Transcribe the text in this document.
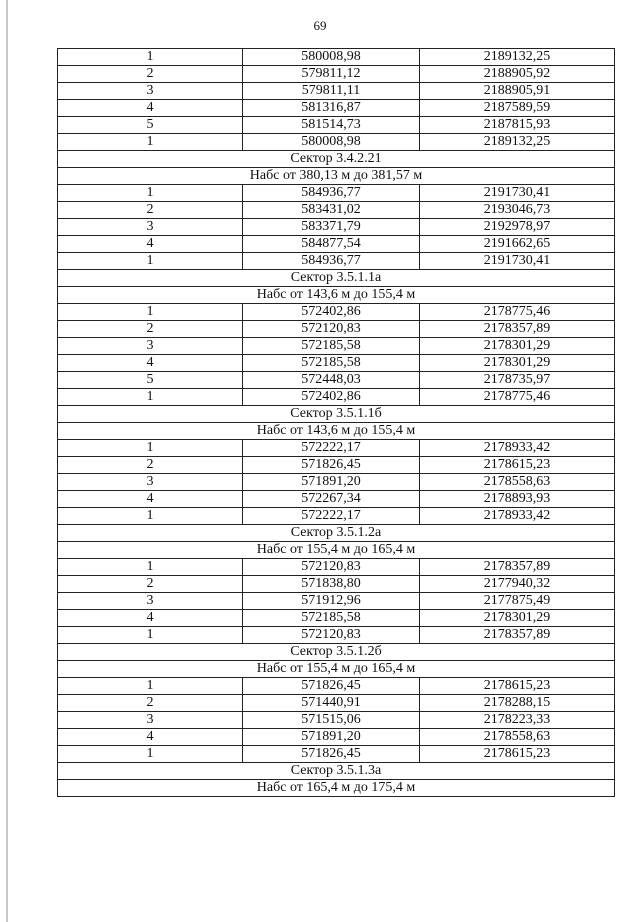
69
1	580008,98	2189132,25
2	579811,12	2188905,92
3	579811,11	2188905,91
4	581316,87	2187589,59
5	581514,73	2187815,93
1	580008,98	2189132,25
Сектор 3.4.2.21		
Набс от 380,13 м до 381,57 м		
1	584936,77	2191730,41
2	583431,02	2193046,73
3	583371,79	2192978,97
4	584877,54	2191662,65
1	584936,77	2191730,41
Сектор 3.5.1.1а		
Набс от 143,6 м до 155,4 м		
1	572402,86	2178775,46
2	572120,83	2178357,89
3	572185,58	2178301,29
4	572185,58	2178301,29
5	572448,03	2178735,97
1	572402,86	2178775,46
Сектор 3.5.1.1б		
Набс от 143,6 м до 155,4 м		
1	572222,17	2178933,42
2	571826,45	2178615,23
3	571891,20	2178558,63
4	572267,34	2178893,93
1	572222,17	2178933,42
Сектор 3.5.1.2а		
Набс от 155,4 м до 165,4 м		
1	572120,83	2178357,89
2	571838,80	2177940,32
3	571912,96	2177875,49
4	572185,58	2178301,29
1	572120,83	2178357,89
Сектор 3.5.1.2б		
Набс от 155,4 м до 165,4 м		
1	571826,45	2178615,23
2	571440,91	2178288,15
3	571515,06	2178223,33
4	571891,20	2178558,63
1	571826,45	2178615,23
Сектор 3.5.1.3а		
Набс от 165,4 м до 175,4 м		
